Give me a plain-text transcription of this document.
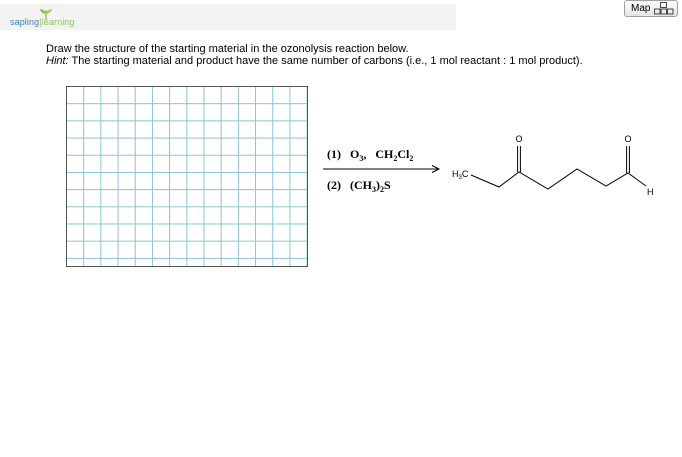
sapling|learning
Map
Draw the structure of the starting material in the ozonolysis reaction below.
Hint: The starting material and product have the same number of carbons (i.e., 1 mol reactant : 1 mol product).
(1) $O_3$, $CH_2Cl_2$
(2) $(CH_3)_2S$
$H_3C$
O	O
H
